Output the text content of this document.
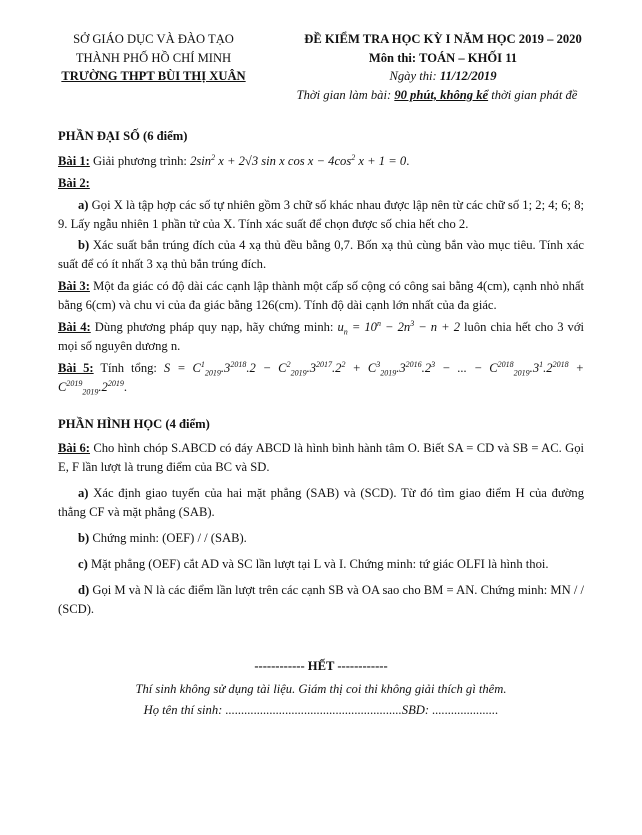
SỞ GIÁO DỤC VÀ ĐÀO TẠO
THÀNH PHỐ HỒ CHÍ MINH
TRƯỜNG THPT BÙI THỊ XUÂN
ĐỀ KIỂM TRA HỌC KỲ I NĂM HỌC 2019 – 2020
Môn thi: TOÁN – KHỐI 11
Ngày thi: 11/12/2019
Thời gian làm bài: 90 phút, không kể thời gian phát đề
PHẦN ĐẠI SỐ (6 điểm)
Bài 1: Giải phương trình: $2\sin^2$ x + 2√3 sin x $\cos x - 4\cos^2$ x + 1 = 0.
Bài 2:
a) Gọi X là tập hợp các số tự nhiên gồm 3 chữ số khác nhau được lập nên từ các chữ số 1; 2; 4; 6; 8; 9. Lấy ngẫu nhiên 1 phần tử của X. Tính xác suất để chọn được số chia hết cho 2.
b) Xác suất bắn trúng đích của 4 xạ thủ đều bằng 0,7. Bốn xạ thủ cùng bắn vào mục tiêu. Tính xác suất để có ít nhất 3 xạ thủ bắn trúng đích.
Bài 3: Một đa giác có độ dài các cạnh lập thành một cấp số cộng có công sai bằng 4(cm), cạnh nhỏ nhất bằng 6(cm) và chu vi của đa giác bằng 126(cm). Tính độ dài cạnh lớn nhất của đa giác.
Bài 4: Dùng phương pháp quy nạp, hãy chứng minh: $u_n = 10^n - 2n^3 - n + 2$ luôn chia hết cho 3 với mọi số nguyên dương n.
Bài 5: Tính tổng: $S = C^1_{2019}.3^{2018}.2 - C^2_{2019}.3^{2017}.2^2 + C^3_{2019}.3^{2016}.2^3$ − ... − $C^{2018}_{2019}.3^1.2^{2018} + C^{2019}_{2019}.2^{2019}$.
PHẦN HÌNH HỌC (4 điểm)
Bài 6: Cho hình chóp S.ABCD có đáy ABCD là hình bình hành tâm O. Biết SA = CD và SB = AC. Gọi E, F lần lượt là trung điểm của BC và SD.
a) Xác định giao tuyến của hai mặt phẳng (SAB) và (SCD). Từ đó tìm giao điểm H của đường thẳng CF và mặt phẳng (SAB).
b) Chứng minh: (OEF) / / (SAB).
c) Mặt phẳng (OEF) cắt AD và SC lần lượt tại L và I. Chứng minh: tứ giác OLFI là hình thoi.
d) Gọi M và N là các điểm lần lượt trên các cạnh SB và OA sao cho BM = AN. Chứng minh: MN / / (SCD).
------------ HẾT ------------
Thí sinh không sử dụng tài liệu. Giám thị coi thi không giải thích gì thêm.
Họ tên thí sinh: ........................................................SBD: .....................
